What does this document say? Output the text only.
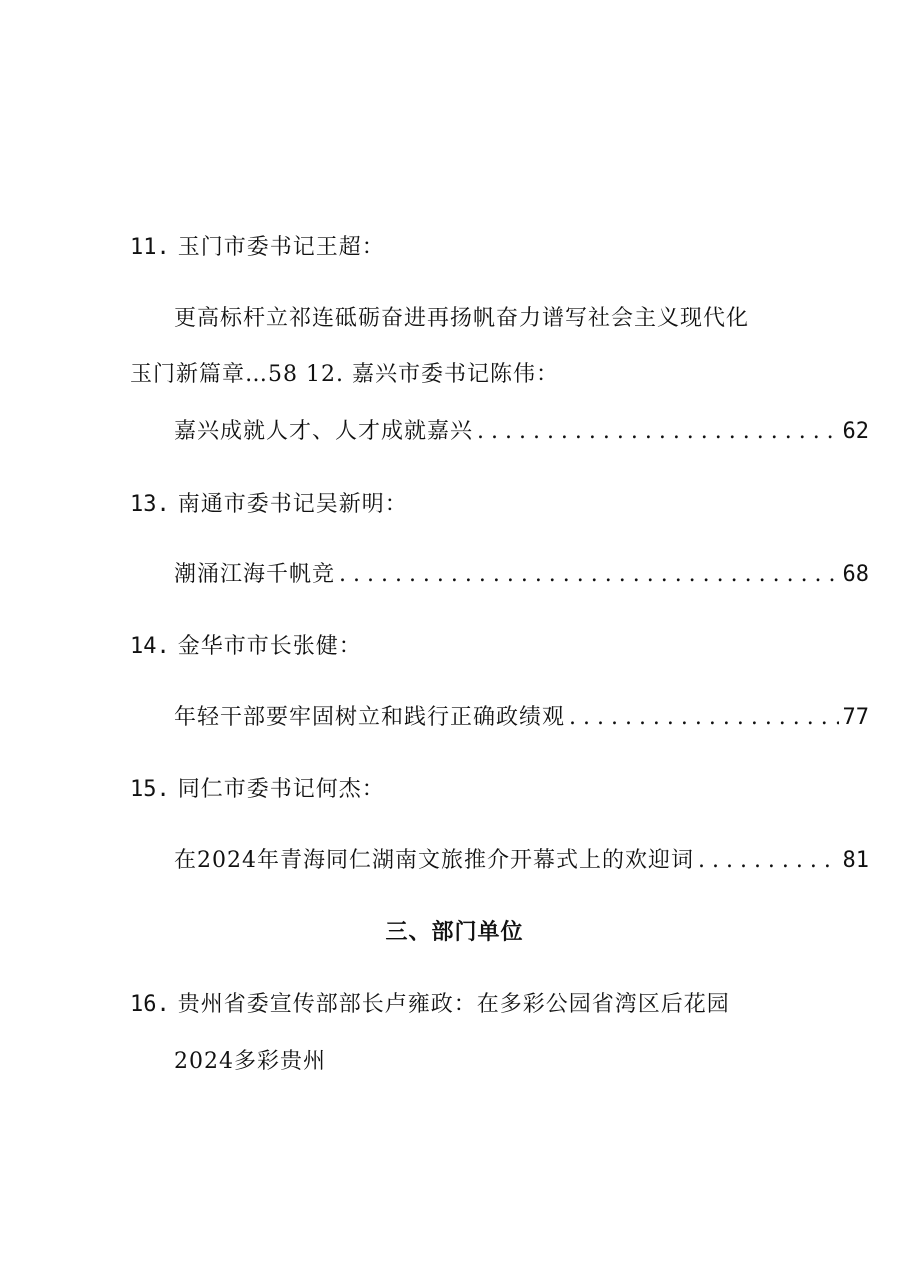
11. 玉门市委书记王超：
更高标杆立祁连砥砺奋进再扬帆奋力谱写社会主义现代化
玉门新篇章…58 12. 嘉兴市委书记陈伟：
嘉兴成就人才、人才成就嘉兴 . . .	62
13. 南通市委书记吴新明：
潮涌江海千帆竞 . . .	68
14. 金华市市长张健：
年轻干部要牢固树立和践行正确政绩观 . . .	77
15. 同仁市委书记何杰：
在2024年青海同仁湖南文旅推介开幕式上的欢迎词 . . .	81
三、部门单位
16. 贵州省委宣传部部长卢雍政：在多彩公园省湾区后花园
2024多彩贵州
